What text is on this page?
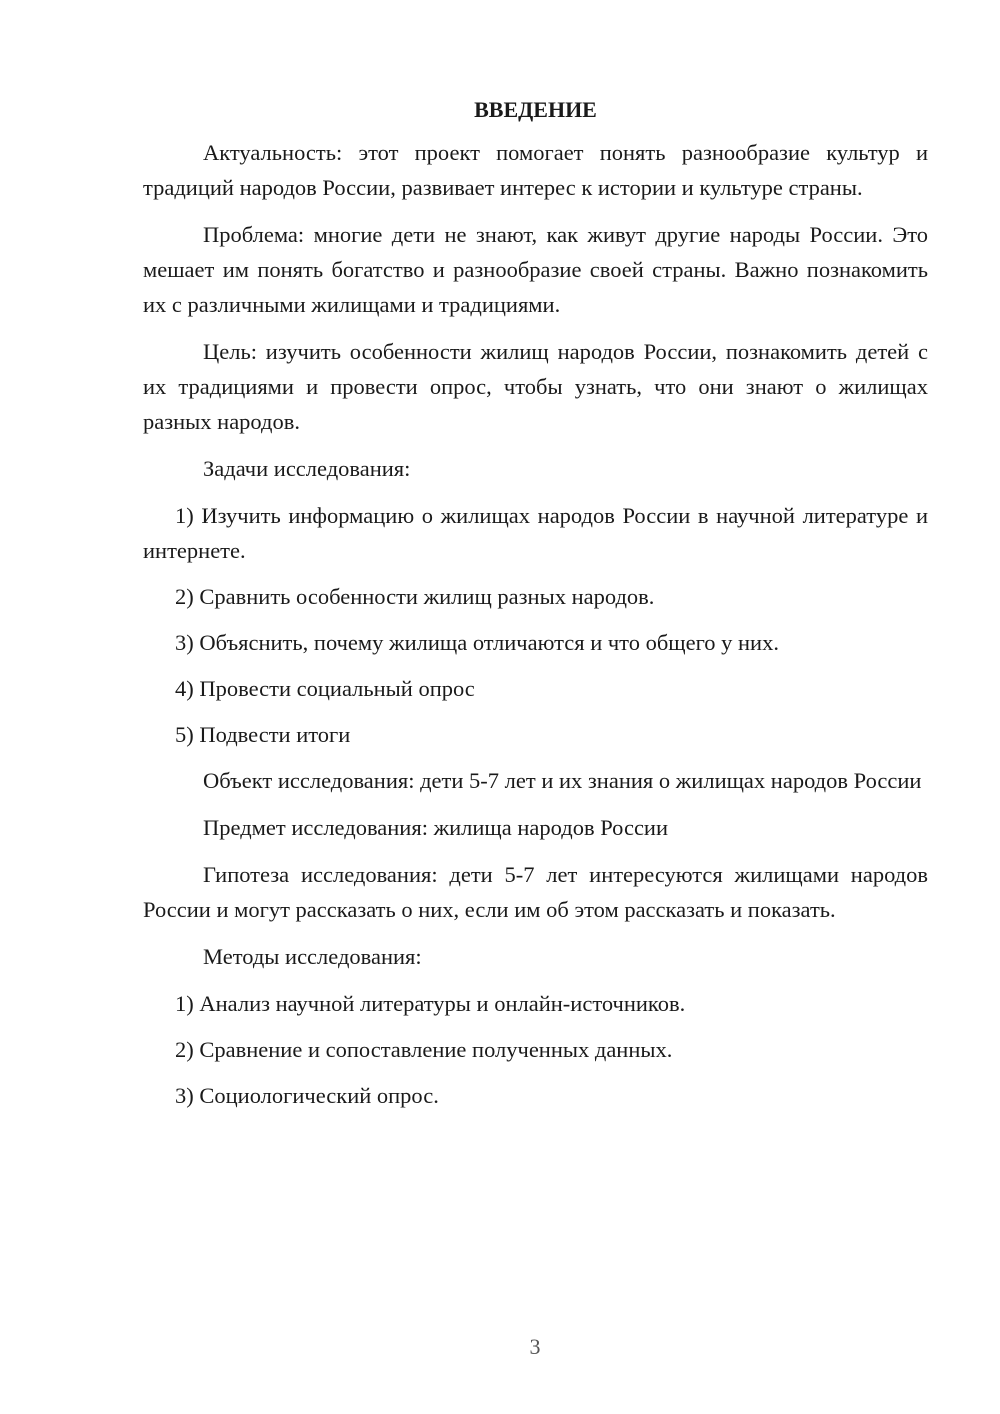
ВВЕДЕНИЕ

Актуальность: этот проект помогает понять разнообразие культур и традиций народов России, развивает интерес к истории и культуре страны.

Проблема: многие дети не знают, как живут другие народы России. Это мешает им понять богатство и разнообразие своей страны. Важно познакомить их с различными жилищами и традициями.

Цель: изучить особенности жилищ народов России, познакомить детей с их традициями и провести опрос, чтобы узнать, что они знают о жилищах разных народов.

Задачи исследования:

1) Изучить информацию о жилищах народов России в научной литературе и интернете.

2) Сравнить особенности жилищ разных народов.

3) Объяснить, почему жилища отличаются и что общего у них.

4) Провести социальный опрос

5) Подвести итоги

Объект исследования: дети 5-7 лет и их знания о жилищах народов России

Предмет исследования: жилища народов России

Гипотеза исследования: дети 5-7 лет интересуются жилищами народов России и могут рассказать о них, если им об этом рассказать и показать.

Методы исследования:

1) Анализ научной литературы и онлайн-источников.

2) Сравнение и сопоставление полученных данных.

3) Социологический опрос.

3
